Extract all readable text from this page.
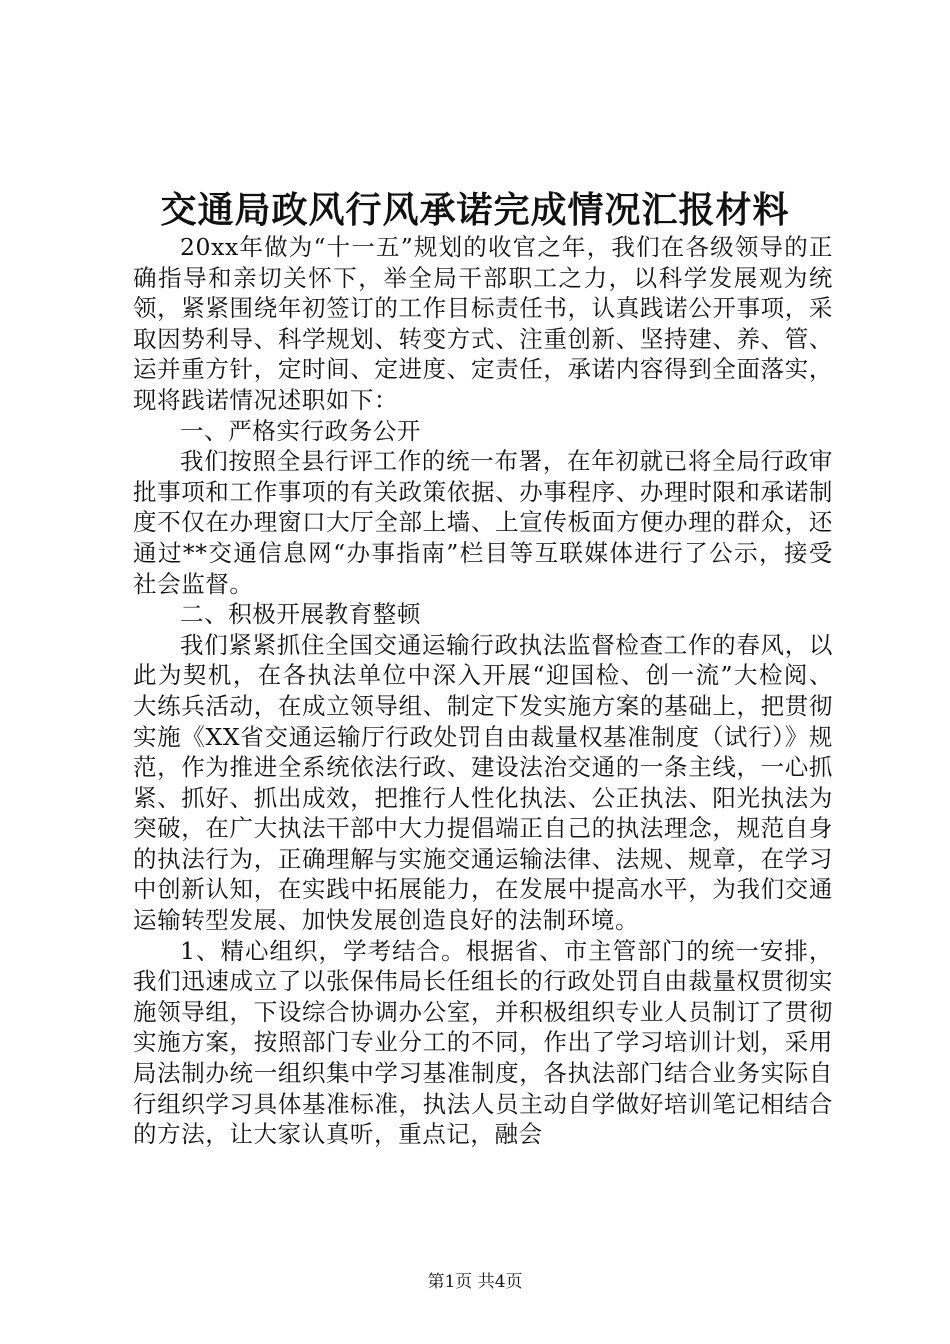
交通局政风行风承诺完成情况汇报材料

20xx年做为“十一五”规划的收官之年，我们在各级领导的正确指导和亲切关怀下，举全局干部职工之力，以科学发展观为统领，紧紧围绕年初签订的工作目标责任书，认真践诺公开事项，采取因势利导、科学规划、转变方式、注重创新、坚持建、养、管、运并重方针，定时间、定进度、定责任，承诺内容得到全面落实，现将践诺情况述职如下：

一、严格实行政务公开

我们按照全县行评工作的统一布署，在年初就已将全局行政审批事项和工作事项的有关政策依据、办事程序、办理时限和承诺制度不仅在办理窗口大厅全部上墙、上宣传板面方便办理的群众，还通过**交通信息网“办事指南”栏目等互联媒体进行了公示，接受社会监督。

二、积极开展教育整顿

我们紧紧抓住全国交通运输行政执法监督检查工作的春风，以此为契机，在各执法单位中深入开展“迎国检、创一流”大检阅、大练兵活动，在成立领导组、制定下发实施方案的基础上，把贯彻实施《XX省交通运输厅行政处罚自由裁量权基准制度（试行）》规范，作为推进全系统依法行政、建设法治交通的一条主线，一心抓紧、抓好、抓出成效，把推行人性化执法、公正执法、阳光执法为突破，在广大执法干部中大力提倡端正自己的执法理念，规范自身的执法行为，正确理解与实施交通运输法律、法规、规章，在学习中创新认知，在实践中拓展能力，在发展中提高水平，为我们交通运输转型发展、加快发展创造良好的法制环境。

1、精心组织，学考结合。根据省、市主管部门的统一安排，我们迅速成立了以张保伟局长任组长的行政处罚自由裁量权贯彻实施领导组，下设综合协调办公室，并积极组织专业人员制订了贯彻实施方案，按照部门专业分工的不同，作出了学习培训计划，采用局法制办统一组织集中学习基准制度，各执法部门结合业务实际自行组织学习具体基准标准，执法人员主动自学做好培训笔记相结合的方法，让大家认真听，重点记，融会

第1页 共4页
